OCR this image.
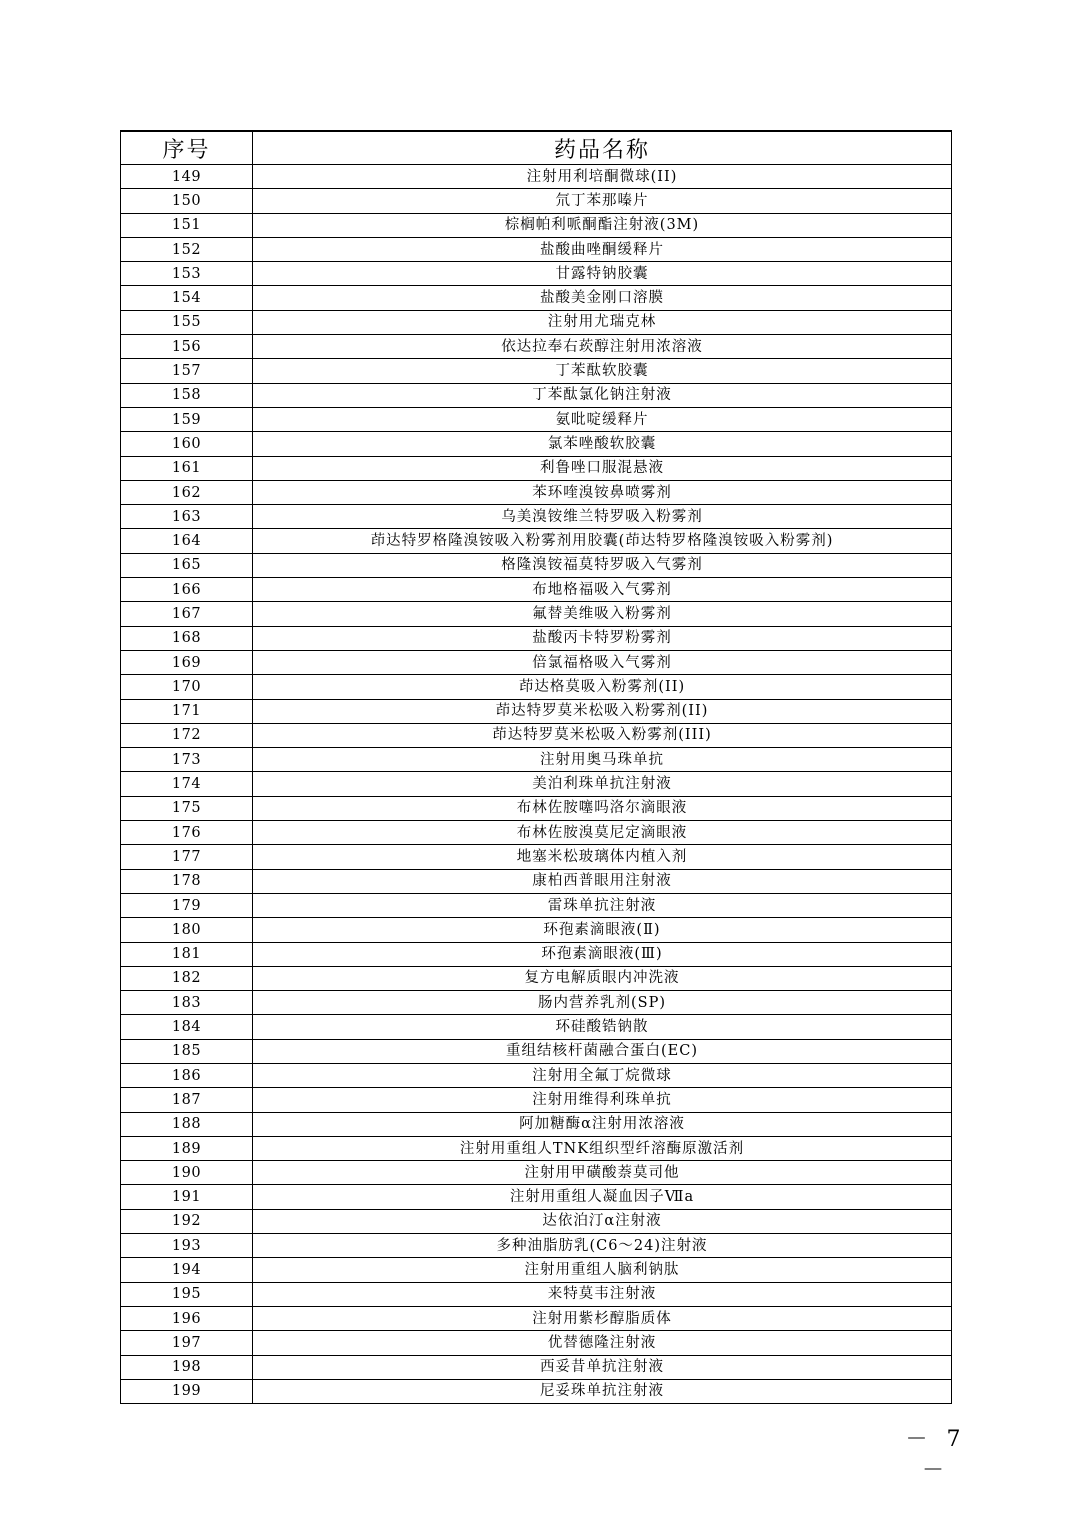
序号	药品名称
149	注射用利培酮微球(II)
150	氘丁苯那嗪片
151	棕榈帕利哌酮酯注射液(3M)
152	盐酸曲唑酮缓释片
153	甘露特钠胶囊
154	盐酸美金刚口溶膜
155	注射用尤瑞克林
156	依达拉奉右莰醇注射用浓溶液
157	丁苯酞软胶囊
158	丁苯酞氯化钠注射液
159	氨吡啶缓释片
160	氯苯唑酸软胶囊
161	利鲁唑口服混悬液
162	苯环喹溴铵鼻喷雾剂
163	乌美溴铵维兰特罗吸入粉雾剂
164	茚达特罗格隆溴铵吸入粉雾剂用胶囊(茚达特罗格隆溴铵吸入粉雾剂)
165	格隆溴铵福莫特罗吸入气雾剂
166	布地格福吸入气雾剂
167	氟替美维吸入粉雾剂
168	盐酸丙卡特罗粉雾剂
169	倍氯福格吸入气雾剂
170	茚达格莫吸入粉雾剂(II)
171	茚达特罗莫米松吸入粉雾剂(II)
172	茚达特罗莫米松吸入粉雾剂(III)
173	注射用奥马珠单抗
174	美泊利珠单抗注射液
175	布林佐胺噻吗洛尔滴眼液
176	布林佐胺溴莫尼定滴眼液
177	地塞米松玻璃体内植入剂
178	康柏西普眼用注射液
179	雷珠单抗注射液
180	环孢素滴眼液(Ⅱ)
181	环孢素滴眼液(Ⅲ)
182	复方电解质眼内冲洗液
183	肠内营养乳剂(SP)
184	环硅酸锆钠散
185	重组结核杆菌融合蛋白(EC)
186	注射用全氟丁烷微球
187	注射用维得利珠单抗
188	阿加糖酶α注射用浓溶液
189	注射用重组人TNK组织型纤溶酶原激活剂
190	注射用甲磺酸萘莫司他
191	注射用重组人凝血因子Ⅶa
192	达依泊汀α注射液
193	多种油脂肪乳(C6～24)注射液
194	注射用重组人脑利钠肽
195	来特莫韦注射液
196	注射用紫杉醇脂质体
197	优替德隆注射液
198	西妥昔单抗注射液
199	尼妥珠单抗注射液
－ 7 －
